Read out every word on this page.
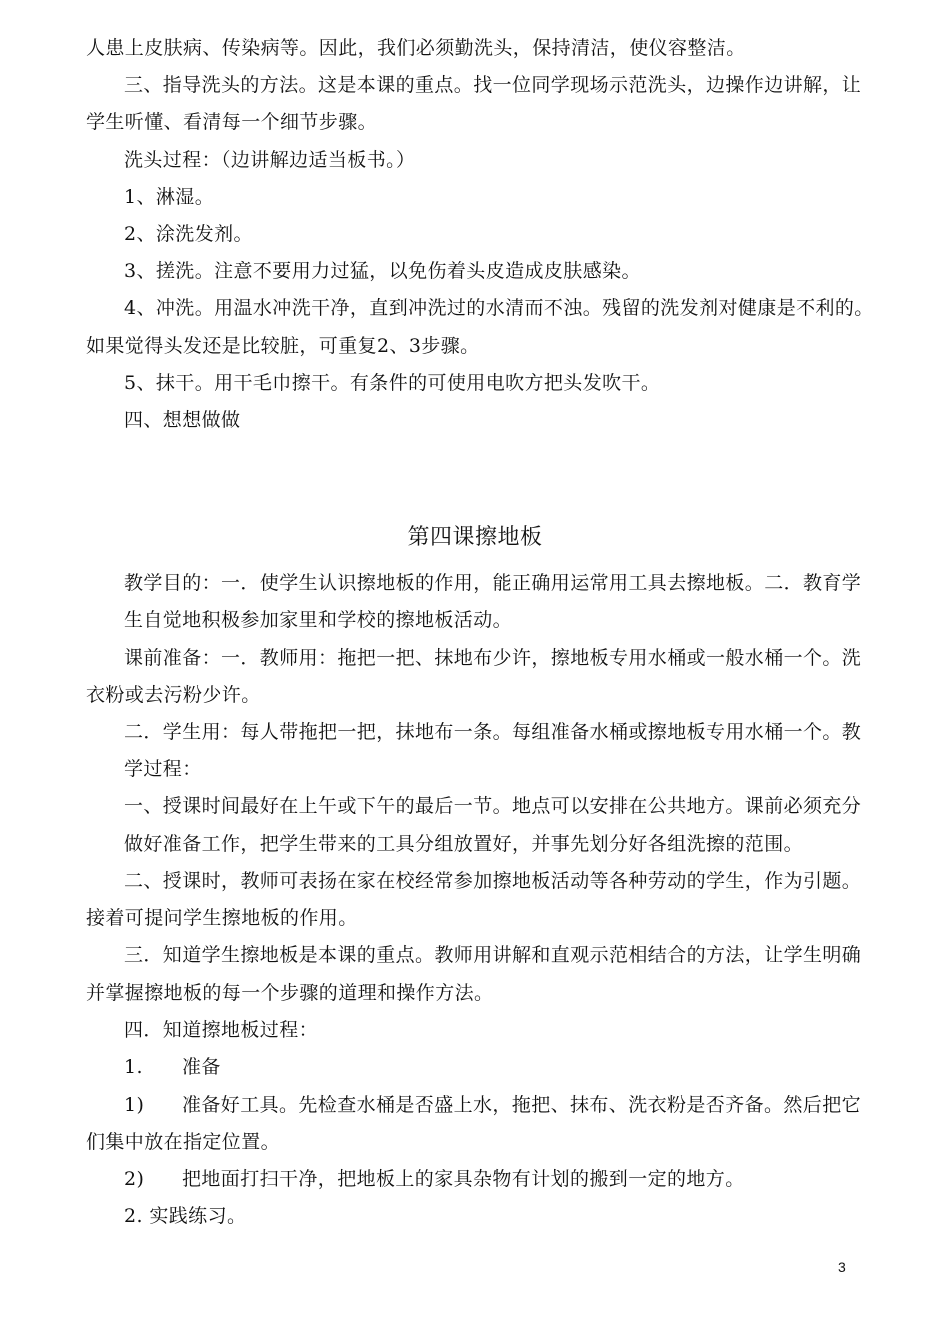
人患上皮肤病、传染病等。因此，我们必须勤洗头，保持清洁，使仪容整洁。
三、指导洗头的方法。这是本课的重点。找一位同学现场示范洗头，边操作边讲解，让
学生听懂、看清每一个细节步骤。
洗头过程：（边讲解边适当板书。）
1、淋湿。
2、涂洗发剂。
3、搓洗。注意不要用力过猛，以免伤着头皮造成皮肤感染。
4、冲洗。用温水冲洗干净，直到冲洗过的水清而不浊。残留的洗发剂对健康是不利的。
如果觉得头发还是比较脏，可重复2、3步骤。
5、抹干。用干毛巾擦干。有条件的可使用电吹方把头发吹干。
四、想想做做
第四课擦地板
教学目的：一．使学生认识擦地板的作用，能正确用运常用工具去擦地板。二．教育学
生自觉地积极参加家里和学校的擦地板活动。
课前准备：一．教师用：拖把一把、抹地布少许，擦地板专用水桶或一般水桶一个。洗
衣粉或去污粉少许。
二．学生用：每人带拖把一把，抹地布一条。每组准备水桶或擦地板专用水桶一个。教
学过程：
一、授课时间最好在上午或下午的最后一节。地点可以安排在公共地方。课前必须充分
做好准备工作，把学生带来的工具分组放置好，并事先划分好各组洗擦的范围。
二、授课时，教师可表扬在家在校经常参加擦地板活动等各种劳动的学生，作为引题。
接着可提问学生擦地板的作用。
三．知道学生擦地板是本课的重点。教师用讲解和直观示范相结合的方法，让学生明确
并掌握擦地板的每一个步骤的道理和操作方法。
四．知道擦地板过程：
1. 准备
1) 准备好工具。先检查水桶是否盛上水，拖把、抹布、洗衣粉是否齐备。然后把它
们集中放在指定位置。
2) 把地面打扫干净，把地板上的家具杂物有计划的搬到一定的地方。
2. 实践练习。
3
